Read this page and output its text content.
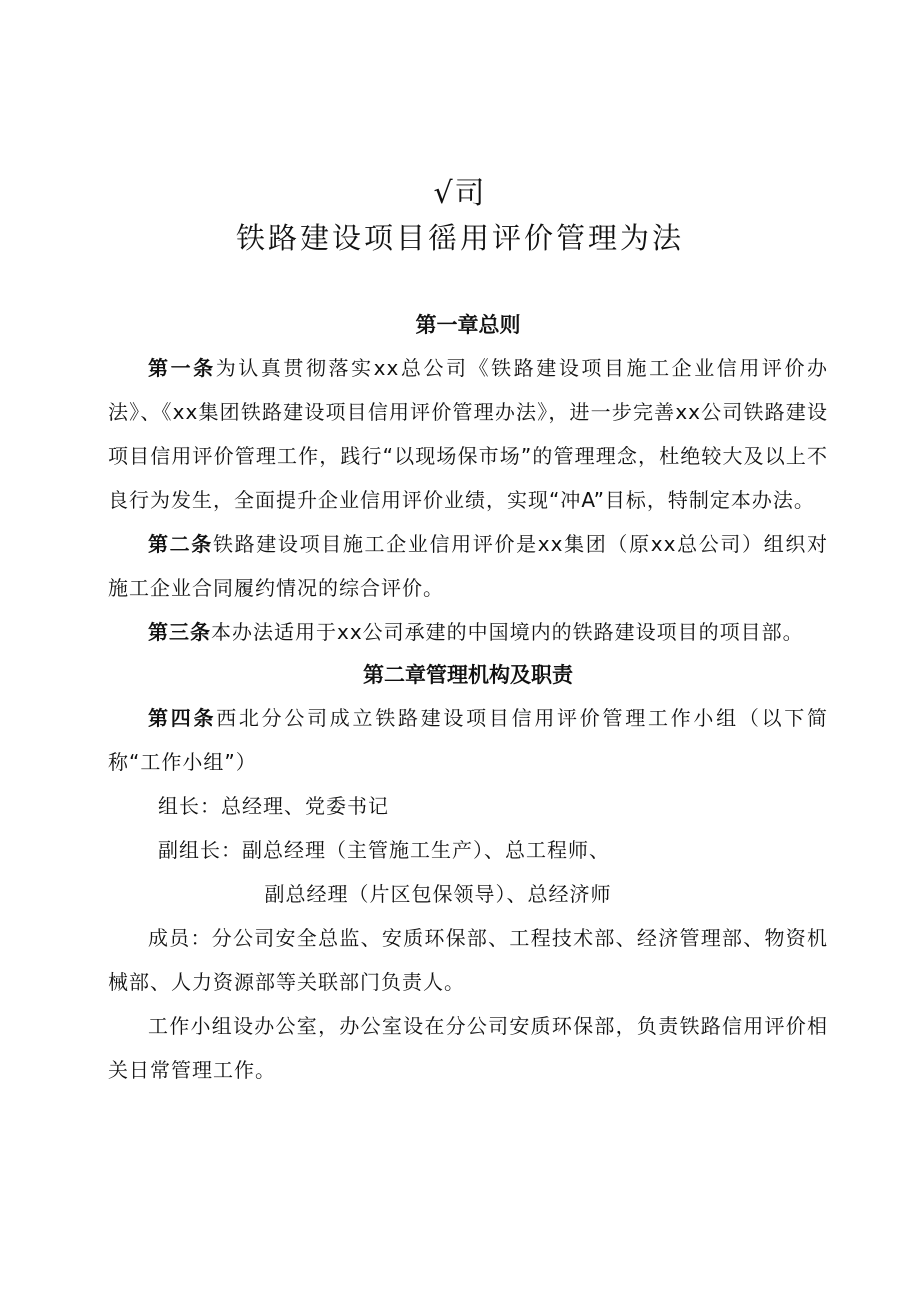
√司
铁路建设项目徭用评价管理为法
第一章总则

第一条为认真贯彻落实xx总公司《铁路建设项目施工企业信用评价办法》、《xx集团铁路建设项目信用评价管理办法》，进一步完善xx公司铁路建设项目信用评价管理工作，践行“以现场保市场”的管理理念，杜绝较大及以上不良行为发生，全面提升企业信用评价业绩，实现“冲A”目标，特制定本办法。

第二条铁路建设项目施工企业信用评价是xx集团（原xx总公司）组织对施工企业合同履约情况的综合评价。

第三条本办法适用于xx公司承建的中国境内的铁路建设项目的项目部。

第二章管理机构及职责

第四条西北分公司成立铁路建设项目信用评价管理工作小组（以下简称“工作小组”）

组长：总经理、党委书记

副组长：副总经理（主管施工生产）、总工程师、

副总经理（片区包保领导）、总经济师

成员：分公司安全总监、安质环保部、工程技术部、经济管理部、物资机械部、人力资源部等关联部门负责人。

工作小组设办公室，办公室设在分公司安质环保部，负责铁路信用评价相关日常管理工作。
